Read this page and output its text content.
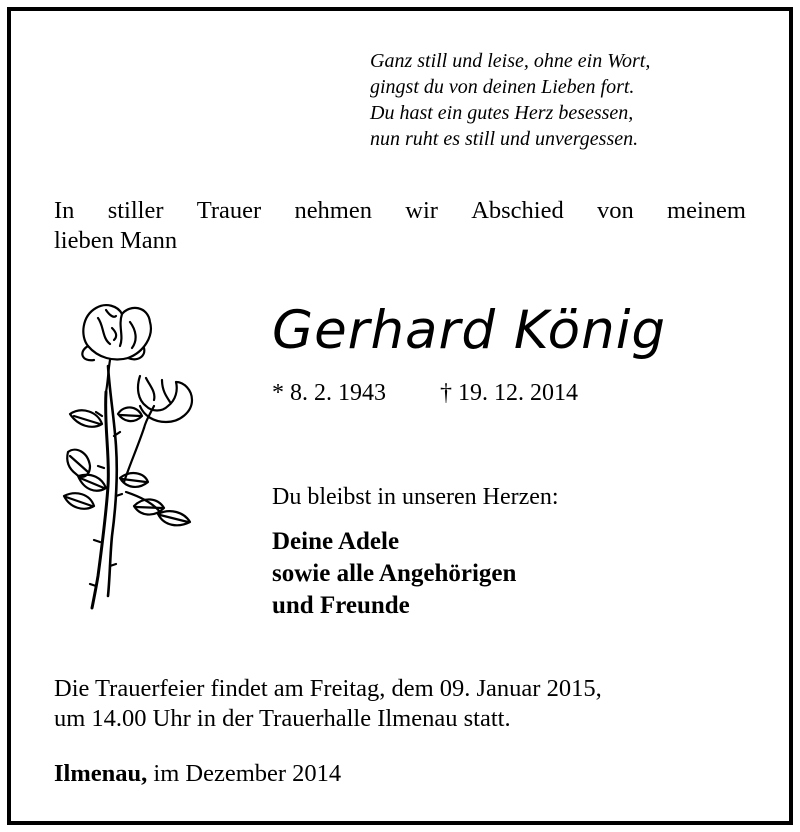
Ganz still und leise, ohne ein Wort,
gingst du von deinen Lieben fort.
Du hast ein gutes Herz besessen,
nun ruht es still und unvergessen.
In stiller Trauer nehmen wir Abschied von meinem
lieben Mann
Gerhard König
* 8. 2. 1943 † 19. 12. 2014
Du bleibst in unseren Herzen:
Deine Adele
sowie alle Angehörigen
und Freunde
Die Trauerfeier findet am Freitag, dem 09. Januar 2015,
um 14.00 Uhr in der Trauerhalle Ilmenau statt.
Ilmenau, im Dezember 2014
